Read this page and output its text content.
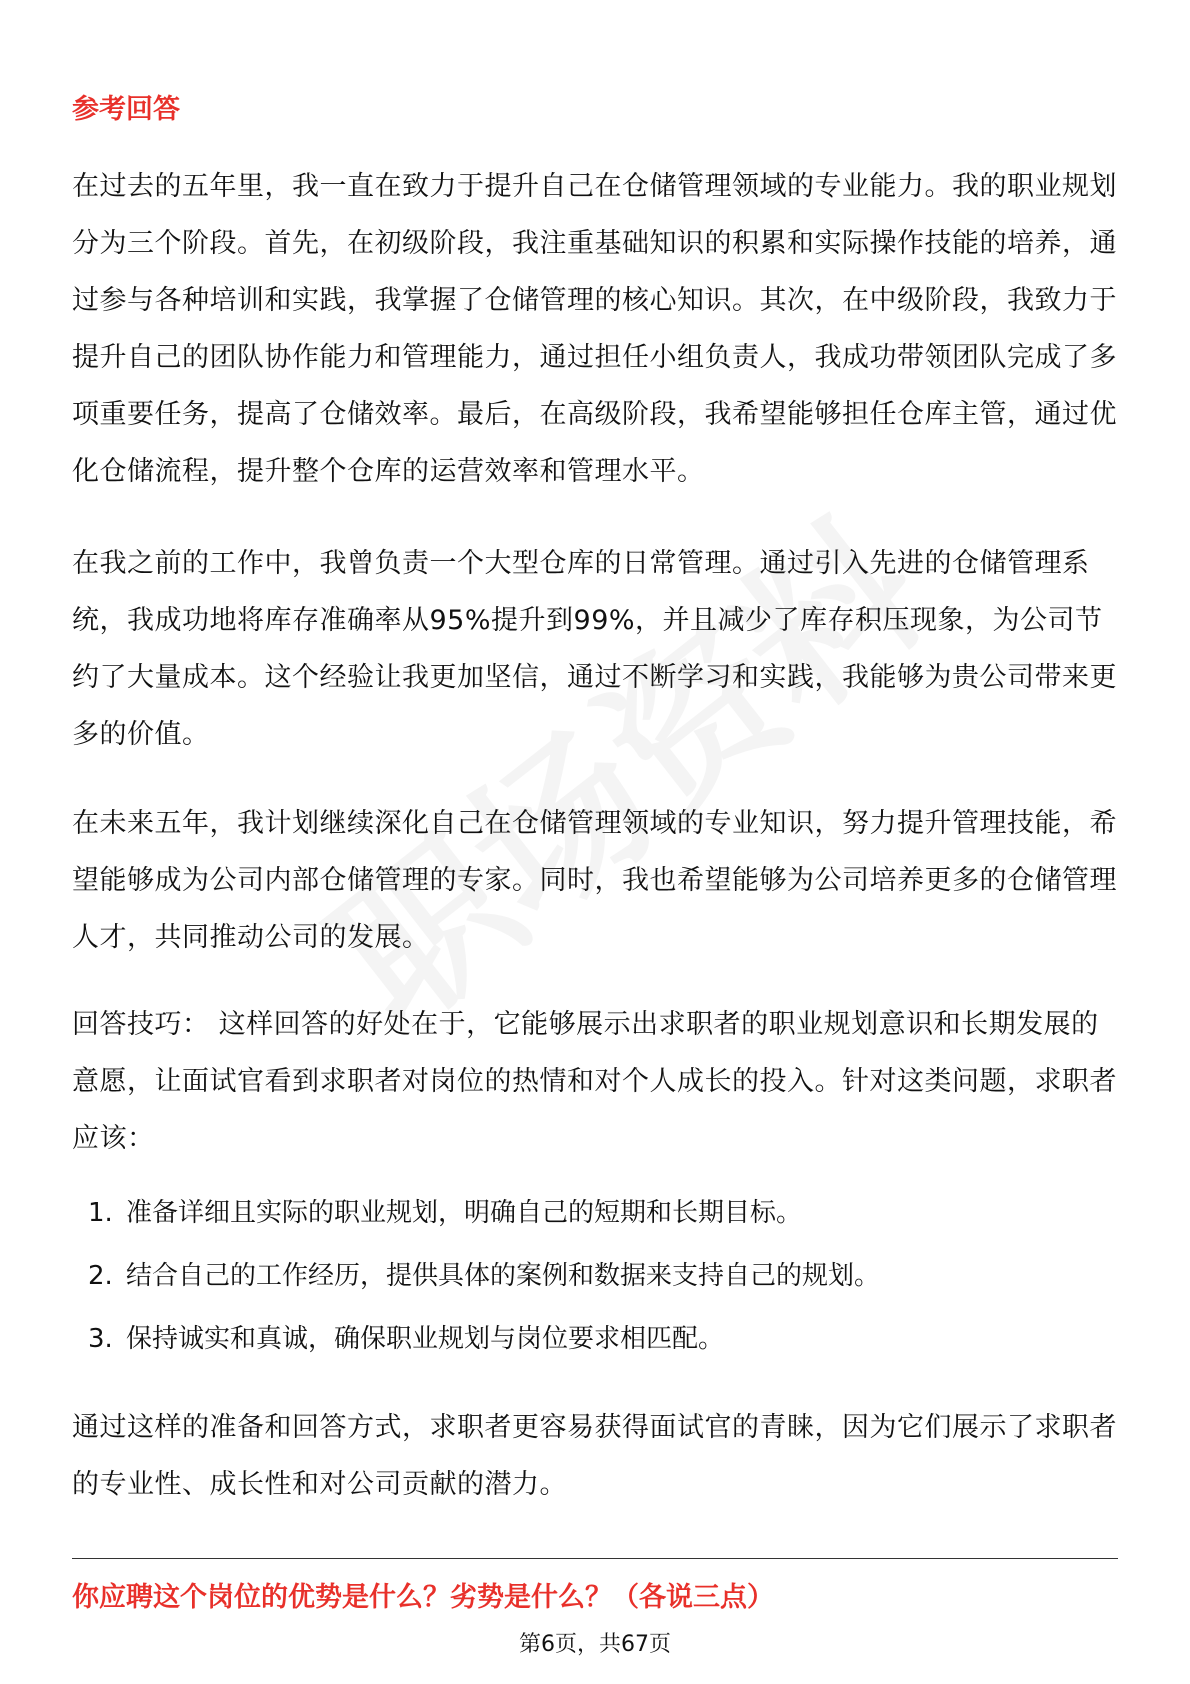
参考回答

在过去的五年里，我一直在致力于提升自己在仓储管理领域的专业能力。我的职业规划分为三个阶段。首先，在初级阶段，我注重基础知识的积累和实际操作技能的培养，通过参与各种培训和实践，我掌握了仓储管理的核心知识。其次，在中级阶段，我致力于提升自己的团队协作能力和管理能力，通过担任小组负责人，我成功带领团队完成了多项重要任务，提高了仓储效率。最后，在高级阶段，我希望能够担任仓库主管，通过优化仓储流程，提升整个仓库的运营效率和管理水平。

在我之前的工作中，我曾负责一个大型仓库的日常管理。通过引入先进的仓储管理系统，我成功地将库存准确率从95%提升到99%，并且减少了库存积压现象，为公司节约了大量成本。这个经验让我更加坚信，通过不断学习和实践，我能够为贵公司带来更多的价值。

在未来五年，我计划继续深化自己在仓储管理领域的专业知识，努力提升管理技能，希望能够成为公司内部仓储管理的专家。同时，我也希望能够为公司培养更多的仓储管理人才，共同推动公司的发展。

回答技巧： 这样回答的好处在于，它能够展示出求职者的职业规划意识和长期发展的意愿，让面试官看到求职者对岗位的热情和对个人成长的投入。针对这类问题，求职者应该：

1. 准备详细且实际的职业规划，明确自己的短期和长期目标。
2. 结合自己的工作经历，提供具体的案例和数据来支持自己的规划。
3. 保持诚实和真诚，确保职业规划与岗位要求相匹配。

通过这样的准备和回答方式，求职者更容易获得面试官的青睐，因为它们展示了求职者的专业性、成长性和对公司贡献的潜力。

你应聘这个岗位的优势是什么？劣势是什么？（各说三点）
第6页，共67页
